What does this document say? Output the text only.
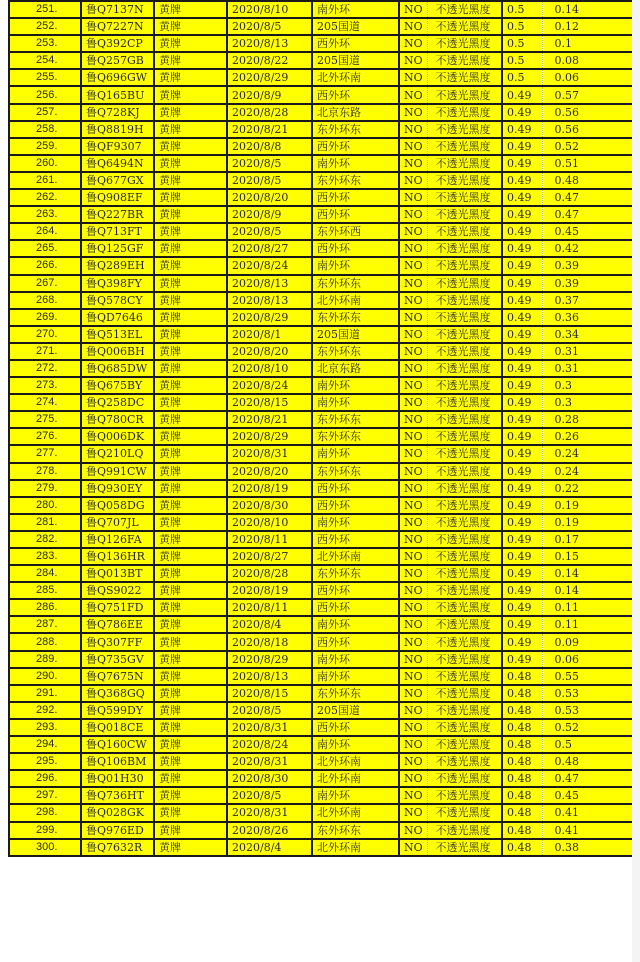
251.	鲁Q7137N	黄牌	2020/8/10	南外环	NO	不透光黑度	0.5	0.14
252.	鲁Q7227N	黄牌	2020/8/5	205国道	NO	不透光黑度	0.5	0.12
253.	鲁Q392CP	黄牌	2020/8/13	西外环	NO	不透光黑度	0.5	0.1
254.	鲁Q257GB	黄牌	2020/8/22	205国道	NO	不透光黑度	0.5	0.08
255.	鲁Q696GW	黄牌	2020/8/29	北外环南	NO	不透光黑度	0.5	0.06
256.	鲁Q165BU	黄牌	2020/8/9	西外环	NO	不透光黑度	0.49	0.57
257.	鲁Q728KJ	黄牌	2020/8/28	北京东路	NO	不透光黑度	0.49	0.56
258.	鲁Q8819H	黄牌	2020/8/21	东外环东	NO	不透光黑度	0.49	0.56
259.	鲁QF9307	黄牌	2020/8/8	西外环	NO	不透光黑度	0.49	0.52
260.	鲁Q6494N	黄牌	2020/8/5	南外环	NO	不透光黑度	0.49	0.51
261.	鲁Q677GX	黄牌	2020/8/5	东外环东	NO	不透光黑度	0.49	0.48
262.	鲁Q908EF	黄牌	2020/8/20	西外环	NO	不透光黑度	0.49	0.47
263.	鲁Q227BR	黄牌	2020/8/9	西外环	NO	不透光黑度	0.49	0.47
264.	鲁Q713FT	黄牌	2020/8/5	东外环西	NO	不透光黑度	0.49	0.45
265.	鲁Q125GF	黄牌	2020/8/27	西外环	NO	不透光黑度	0.49	0.42
266.	鲁Q289EH	黄牌	2020/8/24	南外环	NO	不透光黑度	0.49	0.39
267.	鲁Q398FY	黄牌	2020/8/13	东外环东	NO	不透光黑度	0.49	0.39
268.	鲁Q578CY	黄牌	2020/8/13	北外环南	NO	不透光黑度	0.49	0.37
269.	鲁QD7646	黄牌	2020/8/29	东外环东	NO	不透光黑度	0.49	0.36
270.	鲁Q513EL	黄牌	2020/8/1	205国道	NO	不透光黑度	0.49	0.34
271.	鲁Q006BH	黄牌	2020/8/20	东外环东	NO	不透光黑度	0.49	0.31
272.	鲁Q685DW	黄牌	2020/8/10	北京东路	NO	不透光黑度	0.49	0.31
273.	鲁Q675BY	黄牌	2020/8/24	南外环	NO	不透光黑度	0.49	0.3
274.	鲁Q258DC	黄牌	2020/8/15	南外环	NO	不透光黑度	0.49	0.3
275.	鲁Q780CR	黄牌	2020/8/21	东外环东	NO	不透光黑度	0.49	0.28
276.	鲁Q006DK	黄牌	2020/8/29	东外环东	NO	不透光黑度	0.49	0.26
277.	鲁Q210LQ	黄牌	2020/8/31	南外环	NO	不透光黑度	0.49	0.24
278.	鲁Q991CW	黄牌	2020/8/20	东外环东	NO	不透光黑度	0.49	0.24
279.	鲁Q930EY	黄牌	2020/8/19	西外环	NO	不透光黑度	0.49	0.22
280.	鲁Q058DG	黄牌	2020/8/30	西外环	NO	不透光黑度	0.49	0.19
281.	鲁Q707JL	黄牌	2020/8/10	南外环	NO	不透光黑度	0.49	0.19
282.	鲁Q126FA	黄牌	2020/8/11	西外环	NO	不透光黑度	0.49	0.17
283.	鲁Q136HR	黄牌	2020/8/27	北外环南	NO	不透光黑度	0.49	0.15
284.	鲁Q013BT	黄牌	2020/8/28	东外环东	NO	不透光黑度	0.49	0.14
285.	鲁QS9022	黄牌	2020/8/19	西外环	NO	不透光黑度	0.49	0.14
286.	鲁Q751FD	黄牌	2020/8/11	西外环	NO	不透光黑度	0.49	0.11
287.	鲁Q786EE	黄牌	2020/8/4	南外环	NO	不透光黑度	0.49	0.11
288.	鲁Q307FF	黄牌	2020/8/18	西外环	NO	不透光黑度	0.49	0.09
289.	鲁Q735GV	黄牌	2020/8/29	南外环	NO	不透光黑度	0.49	0.06
290.	鲁Q7675N	黄牌	2020/8/13	南外环	NO	不透光黑度	0.48	0.55
291.	鲁Q368GQ	黄牌	2020/8/15	东外环东	NO	不透光黑度	0.48	0.53
292.	鲁Q599DY	黄牌	2020/8/5	205国道	NO	不透光黑度	0.48	0.53
293.	鲁Q018CE	黄牌	2020/8/31	西外环	NO	不透光黑度	0.48	0.52
294.	鲁Q160CW	黄牌	2020/8/24	南外环	NO	不透光黑度	0.48	0.5
295.	鲁Q106BM	黄牌	2020/8/31	北外环南	NO	不透光黑度	0.48	0.48
296.	鲁Q01H30	黄牌	2020/8/30	北外环南	NO	不透光黑度	0.48	0.47
297.	鲁Q736HT	黄牌	2020/8/5	南外环	NO	不透光黑度	0.48	0.45
298.	鲁Q028GK	黄牌	2020/8/31	北外环南	NO	不透光黑度	0.48	0.41
299.	鲁Q976ED	黄牌	2020/8/26	东外环东	NO	不透光黑度	0.48	0.41
300.	鲁Q7632R	黄牌	2020/8/4	北外环南	NO	不透光黑度	0.48	0.38
